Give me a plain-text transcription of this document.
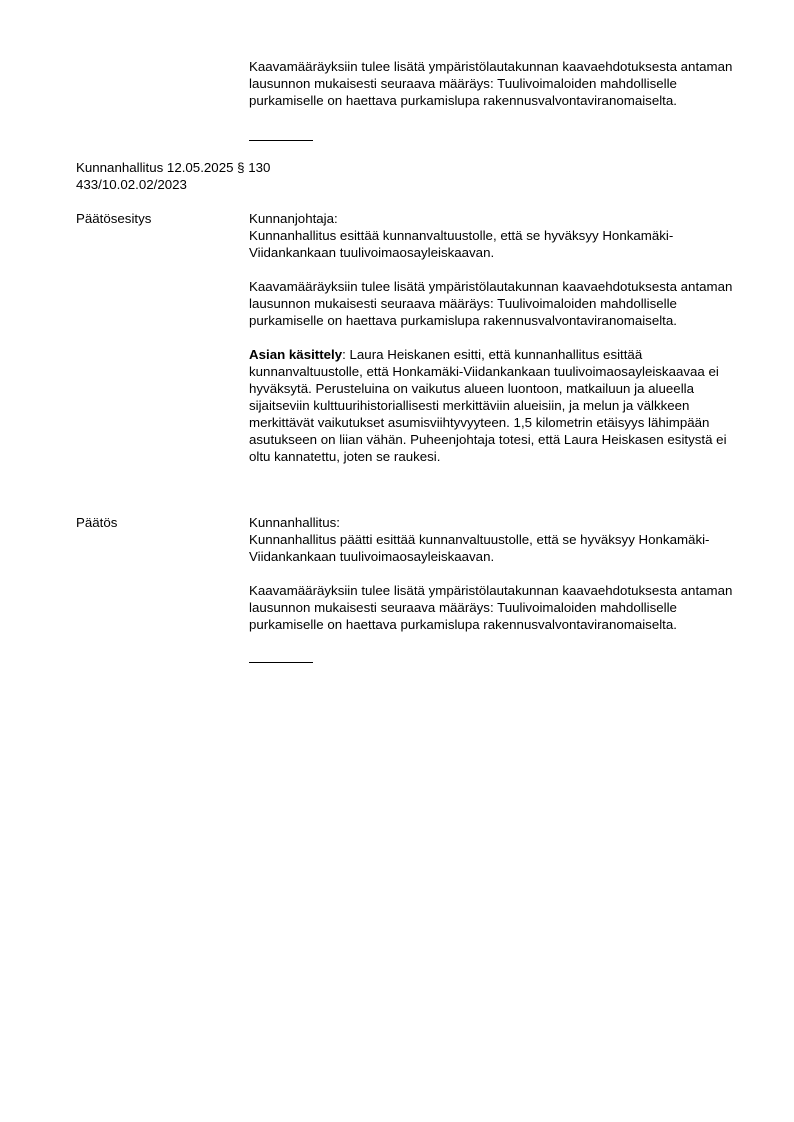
Kaavamääräyksiin tulee lisätä ympäristölautakunnan kaavaehdotuksesta antaman lausunnon mukaisesti seuraava määräys: Tuulivoimaloiden mahdolliselle purkamiselle on haettava purkamislupa rakennusvalvontaviranomaiselta.

Kunnanhallitus 12.05.2025 § 130

433/10.02.02/2023

Päätösesitys	Kunnanjohtaja:

Kunnanhallitus esittää kunnanvaltuustolle, että se hyväksyy Honkamäki-Viidankankaan tuulivoimaosayleiskaavan.

Kaavamääräyksiin tulee lisätä ympäristölautakunnan kaavaehdotuksesta antaman lausunnon mukaisesti seuraava määräys: Tuulivoimaloiden mahdolliselle purkamiselle on haettava purkamislupa rakennusvalvontaviranomaiselta.

Asian käsittely: Laura Heiskanen esitti, että kunnanhallitus esittää kunnanvaltuustolle, että Honkamäki-Viidankankaan tuulivoimaosayleiskaavaa ei hyväksytä. Perusteluina on vaikutus alueen luontoon, matkailuun ja alueella sijaitseviin kulttuurihistoriallisesti merkittäviin alueisiin, ja melun ja välkkeen merkittävät vaikutukset asumisviihtyvyyteen. 1,5 kilometrin etäisyys lähimpään asutukseen on liian vähän. Puheenjohtaja totesi, että Laura Heiskasen esitystä ei oltu kannatettu, joten se raukesi.

Päätös	Kunnanhallitus:

Kunnanhallitus päätti esittää kunnanvaltuustolle, että se hyväksyy Honkamäki-Viidankankaan tuulivoimaosayleiskaavan.

Kaavamääräyksiin tulee lisätä ympäristölautakunnan kaavaehdotuksesta antaman lausunnon mukaisesti seuraava määräys: Tuulivoimaloiden mahdolliselle purkamiselle on haettava purkamislupa rakennusvalvontaviranomaiselta.
